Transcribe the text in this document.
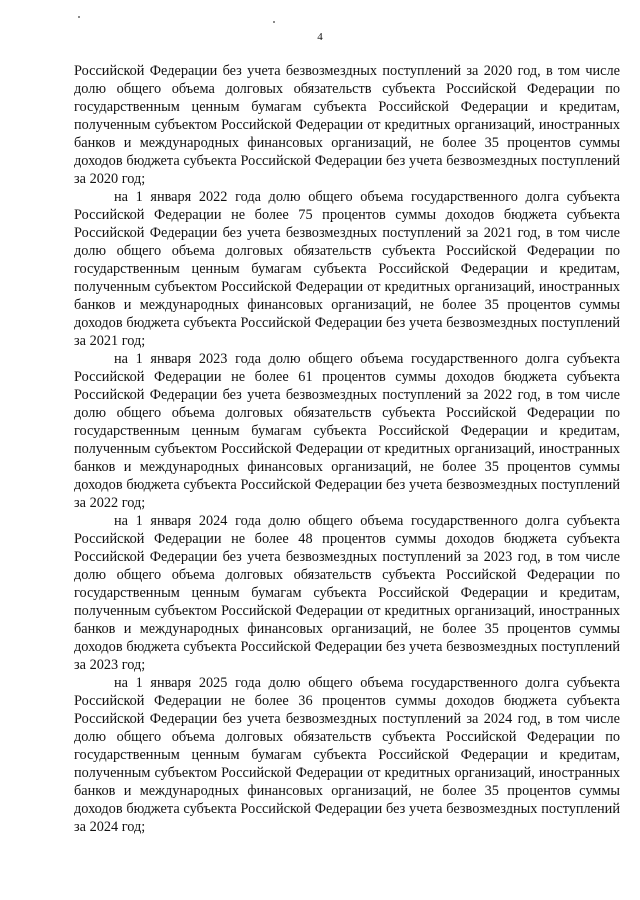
4

Российской Федерации без учета безвозмездных поступлений за 2020 год, в том числе долю общего объема долговых обязательств субъекта Российской Федерации по государственным ценным бумагам субъекта Российской Федерации и кредитам, полученным субъектом Российской Федерации от кредитных организаций, иностранных банков и международных финансовых организаций, не более 35 процентов суммы доходов бюджета субъекта Российской Федерации без учета безвозмездных поступлений за 2020 год;

на 1 января 2022 года долю общего объема государственного долга субъекта Российской Федерации не более 75 процентов суммы доходов бюджета субъекта Российской Федерации без учета безвозмездных поступлений за 2021 год, в том числе долю общего объема долговых обязательств субъекта Российской Федерации по государственным ценным бумагам субъекта Российской Федерации и кредитам, полученным субъектом Российской Федерации от кредитных организаций, иностранных банков и международных финансовых организаций, не более 35 процентов суммы доходов бюджета субъекта Российской Федерации без учета безвозмездных поступлений за 2021 год;

на 1 января 2023 года долю общего объема государственного долга субъекта Российской Федерации не более 61 процентов суммы доходов бюджета субъекта Российской Федерации без учета безвозмездных поступлений за 2022 год, в том числе долю общего объема долговых обязательств субъекта Российской Федерации по государственным ценным бумагам субъекта Российской Федерации и кредитам, полученным субъектом Российской Федерации от кредитных организаций, иностранных банков и международных финансовых организаций, не более 35 процентов суммы доходов бюджета субъекта Российской Федерации без учета безвозмездных поступлений за 2022 год;

на 1 января 2024 года долю общего объема государственного долга субъекта Российской Федерации не более 48 процентов суммы доходов бюджета субъекта Российской Федерации без учета безвозмездных поступлений за 2023 год, в том числе долю общего объема долговых обязательств субъекта Российской Федерации по государственным ценным бумагам субъекта Российской Федерации и кредитам, полученным субъектом Российской Федерации от кредитных организаций, иностранных банков и международных финансовых организаций, не более 35 процентов суммы доходов бюджета субъекта Российской Федерации без учета безвозмездных поступлений за 2023 год;

на 1 января 2025 года долю общего объема государственного долга субъекта Российской Федерации не более 36 процентов суммы доходов бюджета субъекта Российской Федерации без учета безвозмездных поступлений за 2024 год, в том числе долю общего объема долговых обязательств субъекта Российской Федерации по государственным ценным бумагам субъекта Российской Федерации и кредитам, полученным субъектом Российской Федерации от кредитных организаций, иностранных банков и международных финансовых организаций, не более 35 процентов суммы доходов бюджета субъекта Российской Федерации без учета безвозмездных поступлений за 2024 год;
